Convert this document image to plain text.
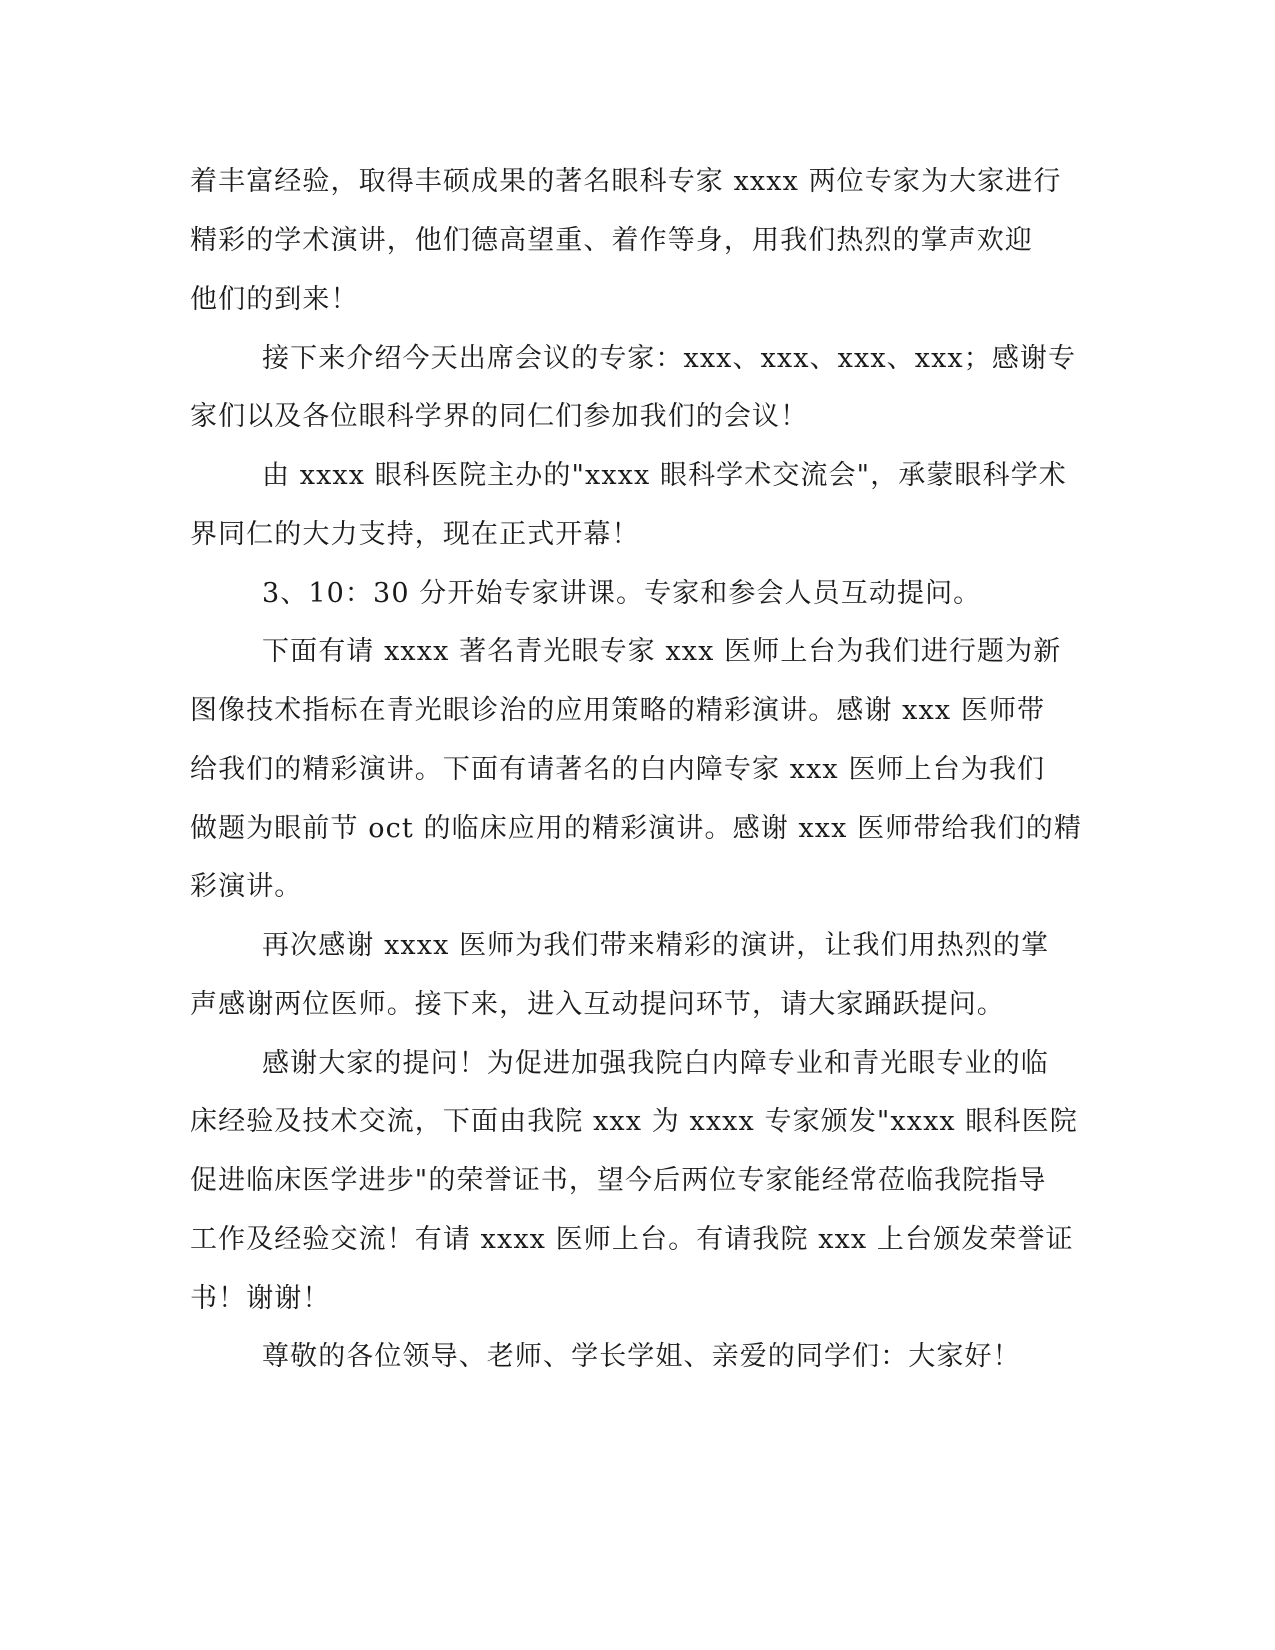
着丰富经验，取得丰硕成果的著名眼科专家 xxxx 两位专家为大家进行
精彩的学术演讲，他们德高望重、着作等身，用我们热烈的掌声欢迎
他们的到来！
接下来介绍今天出席会议的专家：xxx、xxx、xxx、xxx；感谢专
家们以及各位眼科学界的同仁们参加我们的会议！
由 xxxx 眼科医院主办的"xxxx 眼科学术交流会"，承蒙眼科学术
界同仁的大力支持，现在正式开幕！
3、10：30 分开始专家讲课。专家和参会人员互动提问。
下面有请 xxxx 著名青光眼专家 xxx 医师上台为我们进行题为新
图像技术指标在青光眼诊治的应用策略的精彩演讲。感谢 xxx 医师带
给我们的精彩演讲。下面有请著名的白内障专家 xxx 医师上台为我们
做题为眼前节 oct 的临床应用的精彩演讲。感谢 xxx 医师带给我们的精
彩演讲。
再次感谢 xxxx 医师为我们带来精彩的演讲，让我们用热烈的掌
声感谢两位医师。接下来，进入互动提问环节，请大家踊跃提问。
感谢大家的提问！为促进加强我院白内障专业和青光眼专业的临
床经验及技术交流，下面由我院 xxx 为 xxxx 专家颁发"xxxx 眼科医院
促进临床医学进步"的荣誉证书，望今后两位专家能经常莅临我院指导
工作及经验交流！有请 xxxx 医师上台。有请我院 xxx 上台颁发荣誉证
书！谢谢！
尊敬的各位领导、老师、学长学姐、亲爱的同学们：大家好！
